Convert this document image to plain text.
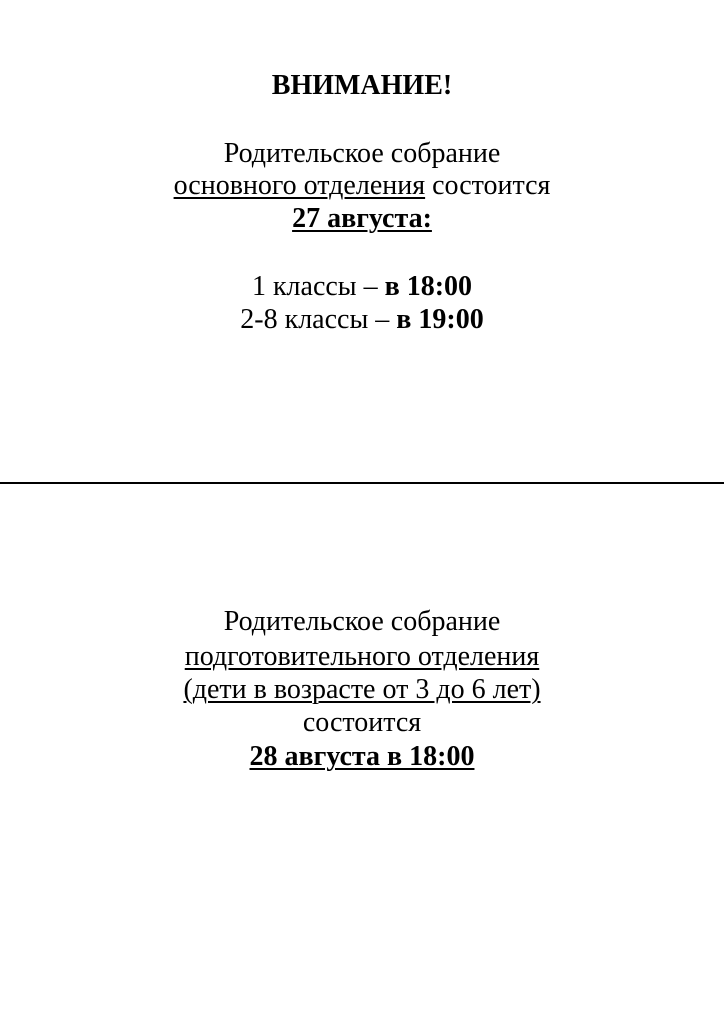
ВНИМАНИЕ!
Родительское собрание
основного отделения состоится
27 августа:
1 классы – в 18:00
2-8 классы – в 19:00
Родительское собрание
подготовительного отделения
(дети в возрасте от 3 до 6 лет)
состоится
28 августа в 18:00
